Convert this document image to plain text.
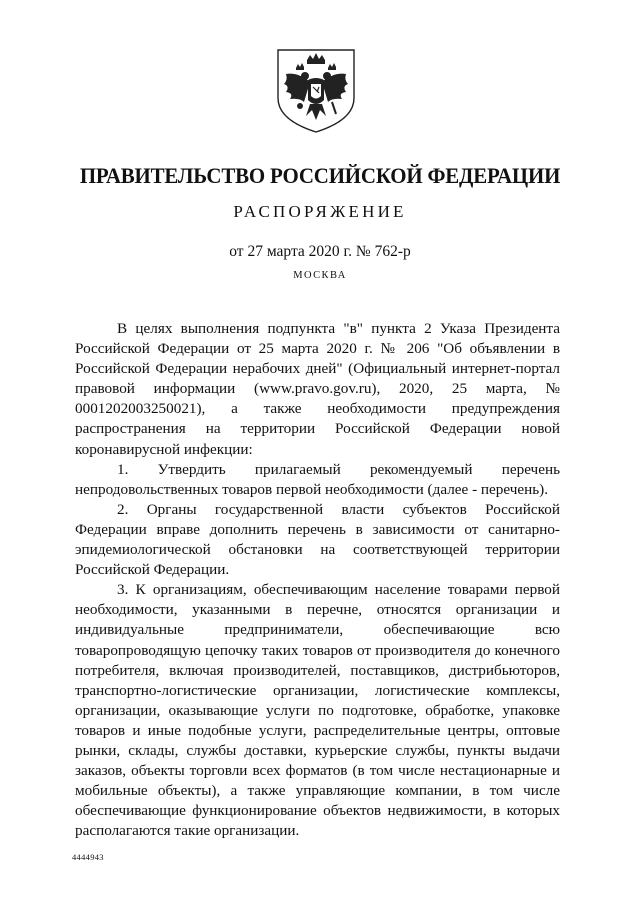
ПРАВИТЕЛЬСТВО РОССИЙСКОЙ ФЕДЕРАЦИИ
РАСПОРЯЖЕНИЕ
от 27 марта 2020 г. № 762-р
МОСКВА

В целях выполнения подпункта "в" пункта 2 Указа Президента Российской Федерации от 25 марта 2020 г. № 206 "Об объявлении в Российской Федерации нерабочих дней" (Официальный интернет-портал правовой информации (www.pravo.gov.ru), 2020, 25 марта, № 0001202003250021), а также необходимости предупреждения распространения на территории Российской Федерации новой коронавирусной инфекции:

1. Утвердить прилагаемый рекомендуемый перечень непродовольственных товаров первой необходимости (далее - перечень).

2. Органы государственной власти субъектов Российской Федерации вправе дополнить перечень в зависимости от санитарно-эпидемиологической обстановки на соответствующей территории Российской Федерации.

3. К организациям, обеспечивающим население товарами первой необходимости, указанными в перечне, относятся организации и индивидуальные предприниматели, обеспечивающие всю товаропроводящую цепочку таких товаров от производителя до конечного потребителя, включая производителей, поставщиков, дистрибьюторов, транспортно-логистические организации, логистические комплексы, организации, оказывающие услуги по подготовке, обработке, упаковке товаров и иные подобные услуги, распределительные центры, оптовые рынки, склады, службы доставки, курьерские службы, пункты выдачи заказов, объекты торговли всех форматов (в том числе нестационарные и мобильные объекты), а также управляющие компании, в том числе обеспечивающие функционирование объектов недвижимости, в которых располагаются такие организации.

4444943
